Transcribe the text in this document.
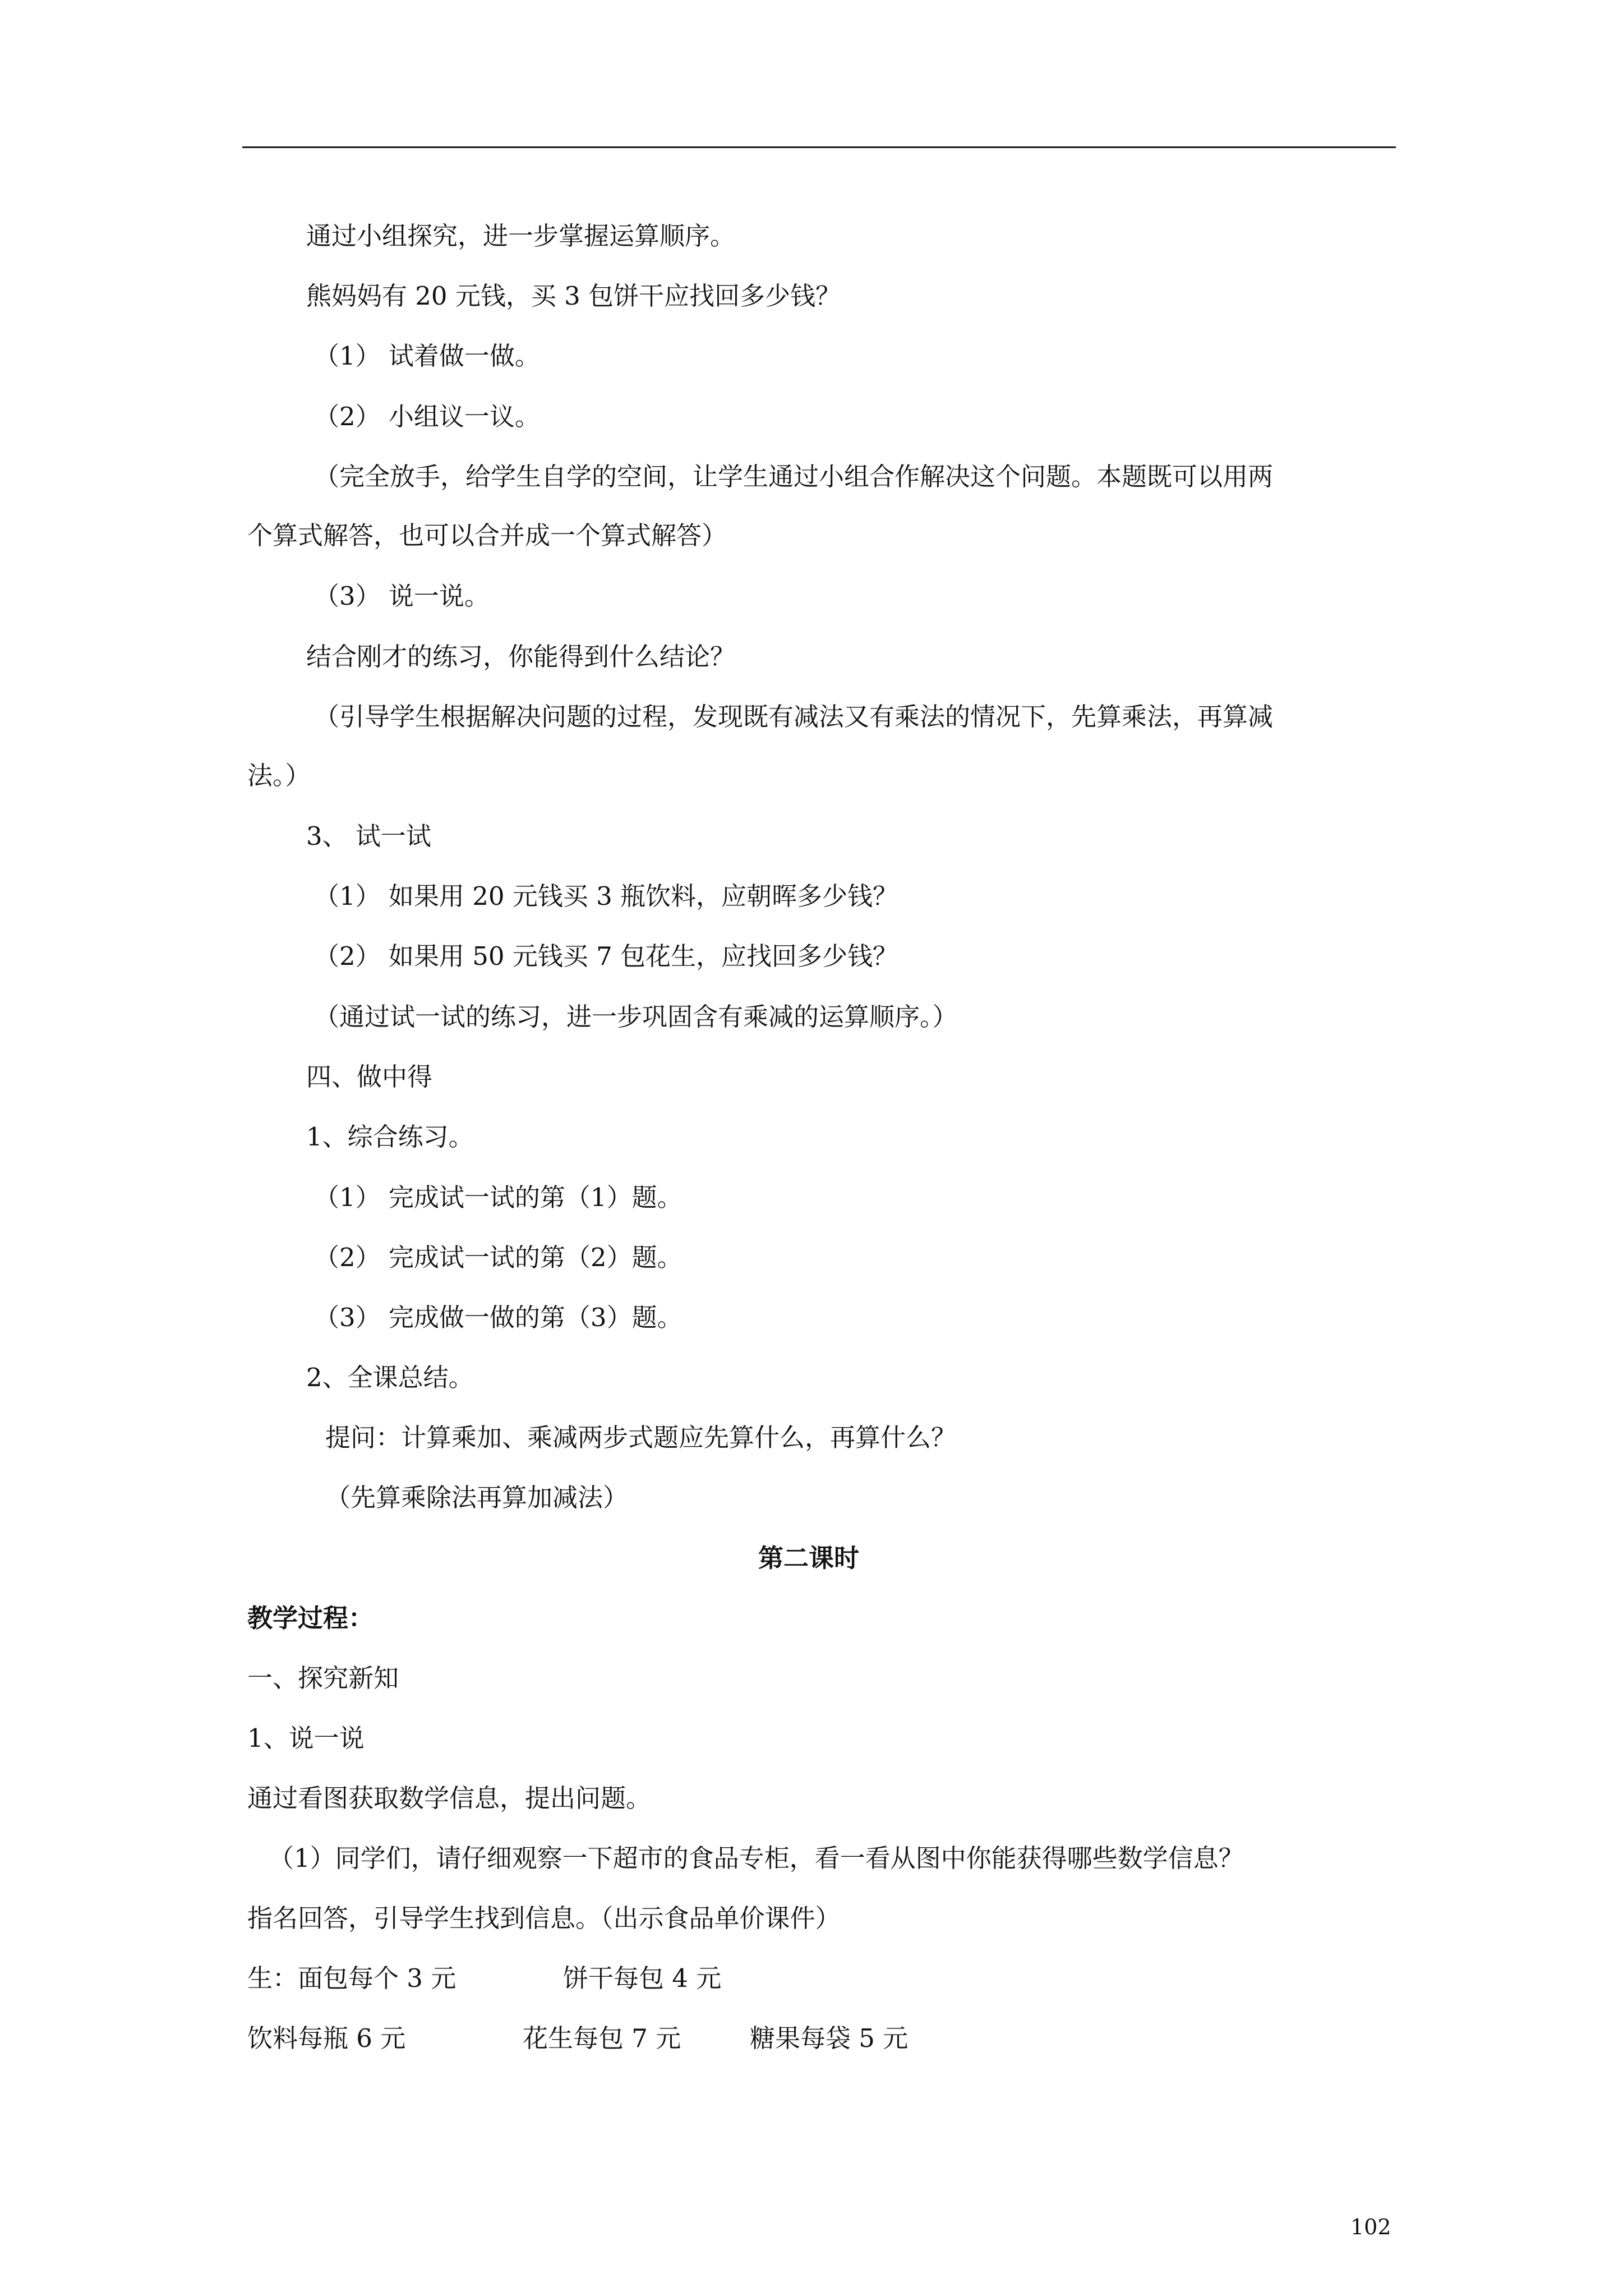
通过小组探究，进一步掌握运算顺序。
熊妈妈有 20 元钱，买 3 包饼干应找回多少钱？
（1） 试着做一做。
（2） 小组议一议。
（完全放手，给学生自学的空间，让学生通过小组合作解决这个问题。本题既可以用两
个算式解答，也可以合并成一个算式解答）
（3） 说一说。
结合刚才的练习，你能得到什么结论？
（引导学生根据解决问题的过程，发现既有减法又有乘法的情况下，先算乘法，再算减
法。）
3、 试一试
（1） 如果用 20 元钱买 3 瓶饮料，应朝晖多少钱？
（2） 如果用 50 元钱买 7 包花生，应找回多少钱？
（通过试一试的练习，进一步巩固含有乘减的运算顺序。）
四、做中得
1、综合练习。
（1） 完成试一试的第（1）题。
（2） 完成试一试的第（2）题。
（3） 完成做一做的第（3）题。
2、全课总结。
提问：计算乘加、乘减两步式题应先算什么，再算什么？
（先算乘除法再算加减法）
第二课时
教学过程：
一、探究新知
1、说一说
通过看图获取数学信息，提出问题。
（1）同学们，请仔细观察一下超市的食品专柜，看一看从图中你能获得哪些数学信息？
指名回答，引导学生找到信息。（出示食品单价课件）
生：面包每个 3 元	饼干每包 4 元
饮料每瓶 6 元	花生每包 7 元	糖果每袋 5 元
102
